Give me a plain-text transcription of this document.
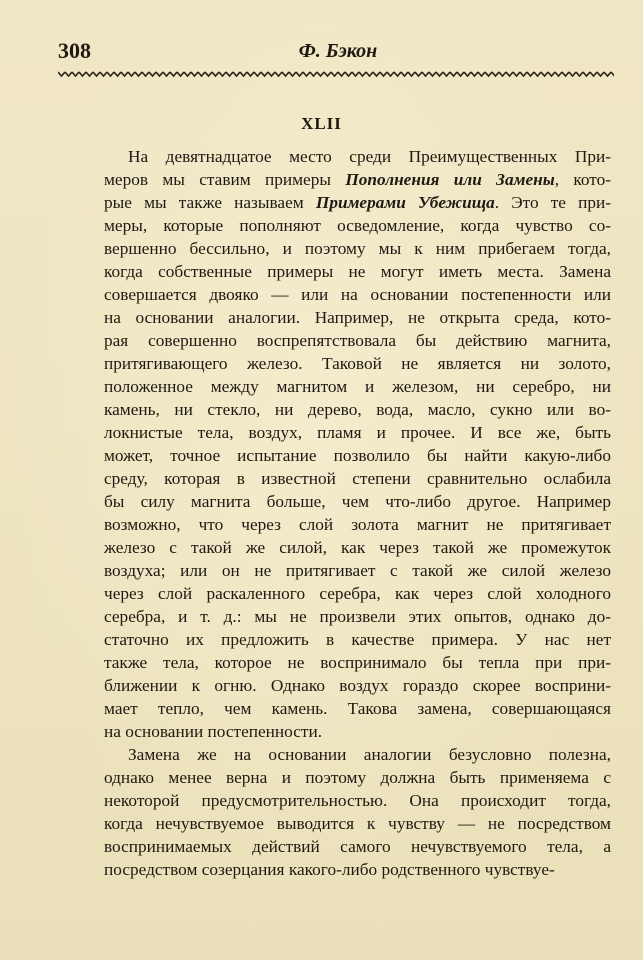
308	Ф. Бэкон
XLII
На девятнадцатое место среди Преимущественных При-
меров мы ставим примеры Пополнения или Замены, кото-
рые мы также называем Примерами Убежища. Это те при-
меры, которые пополняют осведомление, когда чувство со-
вершенно бессильно, и поэтому мы к ним прибегаем тогда,
когда собственные примеры не могут иметь места. Замена
совершается двояко — или на основании постепенности или
на основании аналогии. Например, не открыта среда, кото-
рая совершенно воспрепятствовала бы действию магнита,
притягивающего железо. Таковой не является ни золото,
положенное между магнитом и железом, ни серебро, ни
камень, ни стекло, ни дерево, вода, масло, сукно или во-
локнистые тела, воздух, пламя и прочее. И все же, быть
может, точное испытание позволило бы найти какую-либо
среду, которая в известной степени сравнительно ослабила
бы силу магнита больше, чем что-либо другое. Например
возможно, что через слой золота магнит не притягивает
железо с такой же силой, как через такой же промежуток
воздуха; или он не притягивает с такой же силой железо
через слой раскаленного серебра, как через слой холодного
серебра, и т. д.: мы не произвели этих опытов, однако до-
статочно их предложить в качестве примера. У нас нет
также тела, которое не воспринимало бы тепла при при-
ближении к огню. Однако воздух гораздо скорее восприни-
мает тепло, чем камень. Такова замена, совершающаяся
на основании постепенности.
Замена же на основании аналогии безусловно полезна,
однако менее верна и поэтому должна быть применяема с
некоторой предусмотрительностью. Она происходит тогда,
когда нечувствуемое выводится к чувству — не посредством
воспринимаемых действий самого нечувствуемого тела, а
посредством созерцания какого-либо родственного чувствуе-
